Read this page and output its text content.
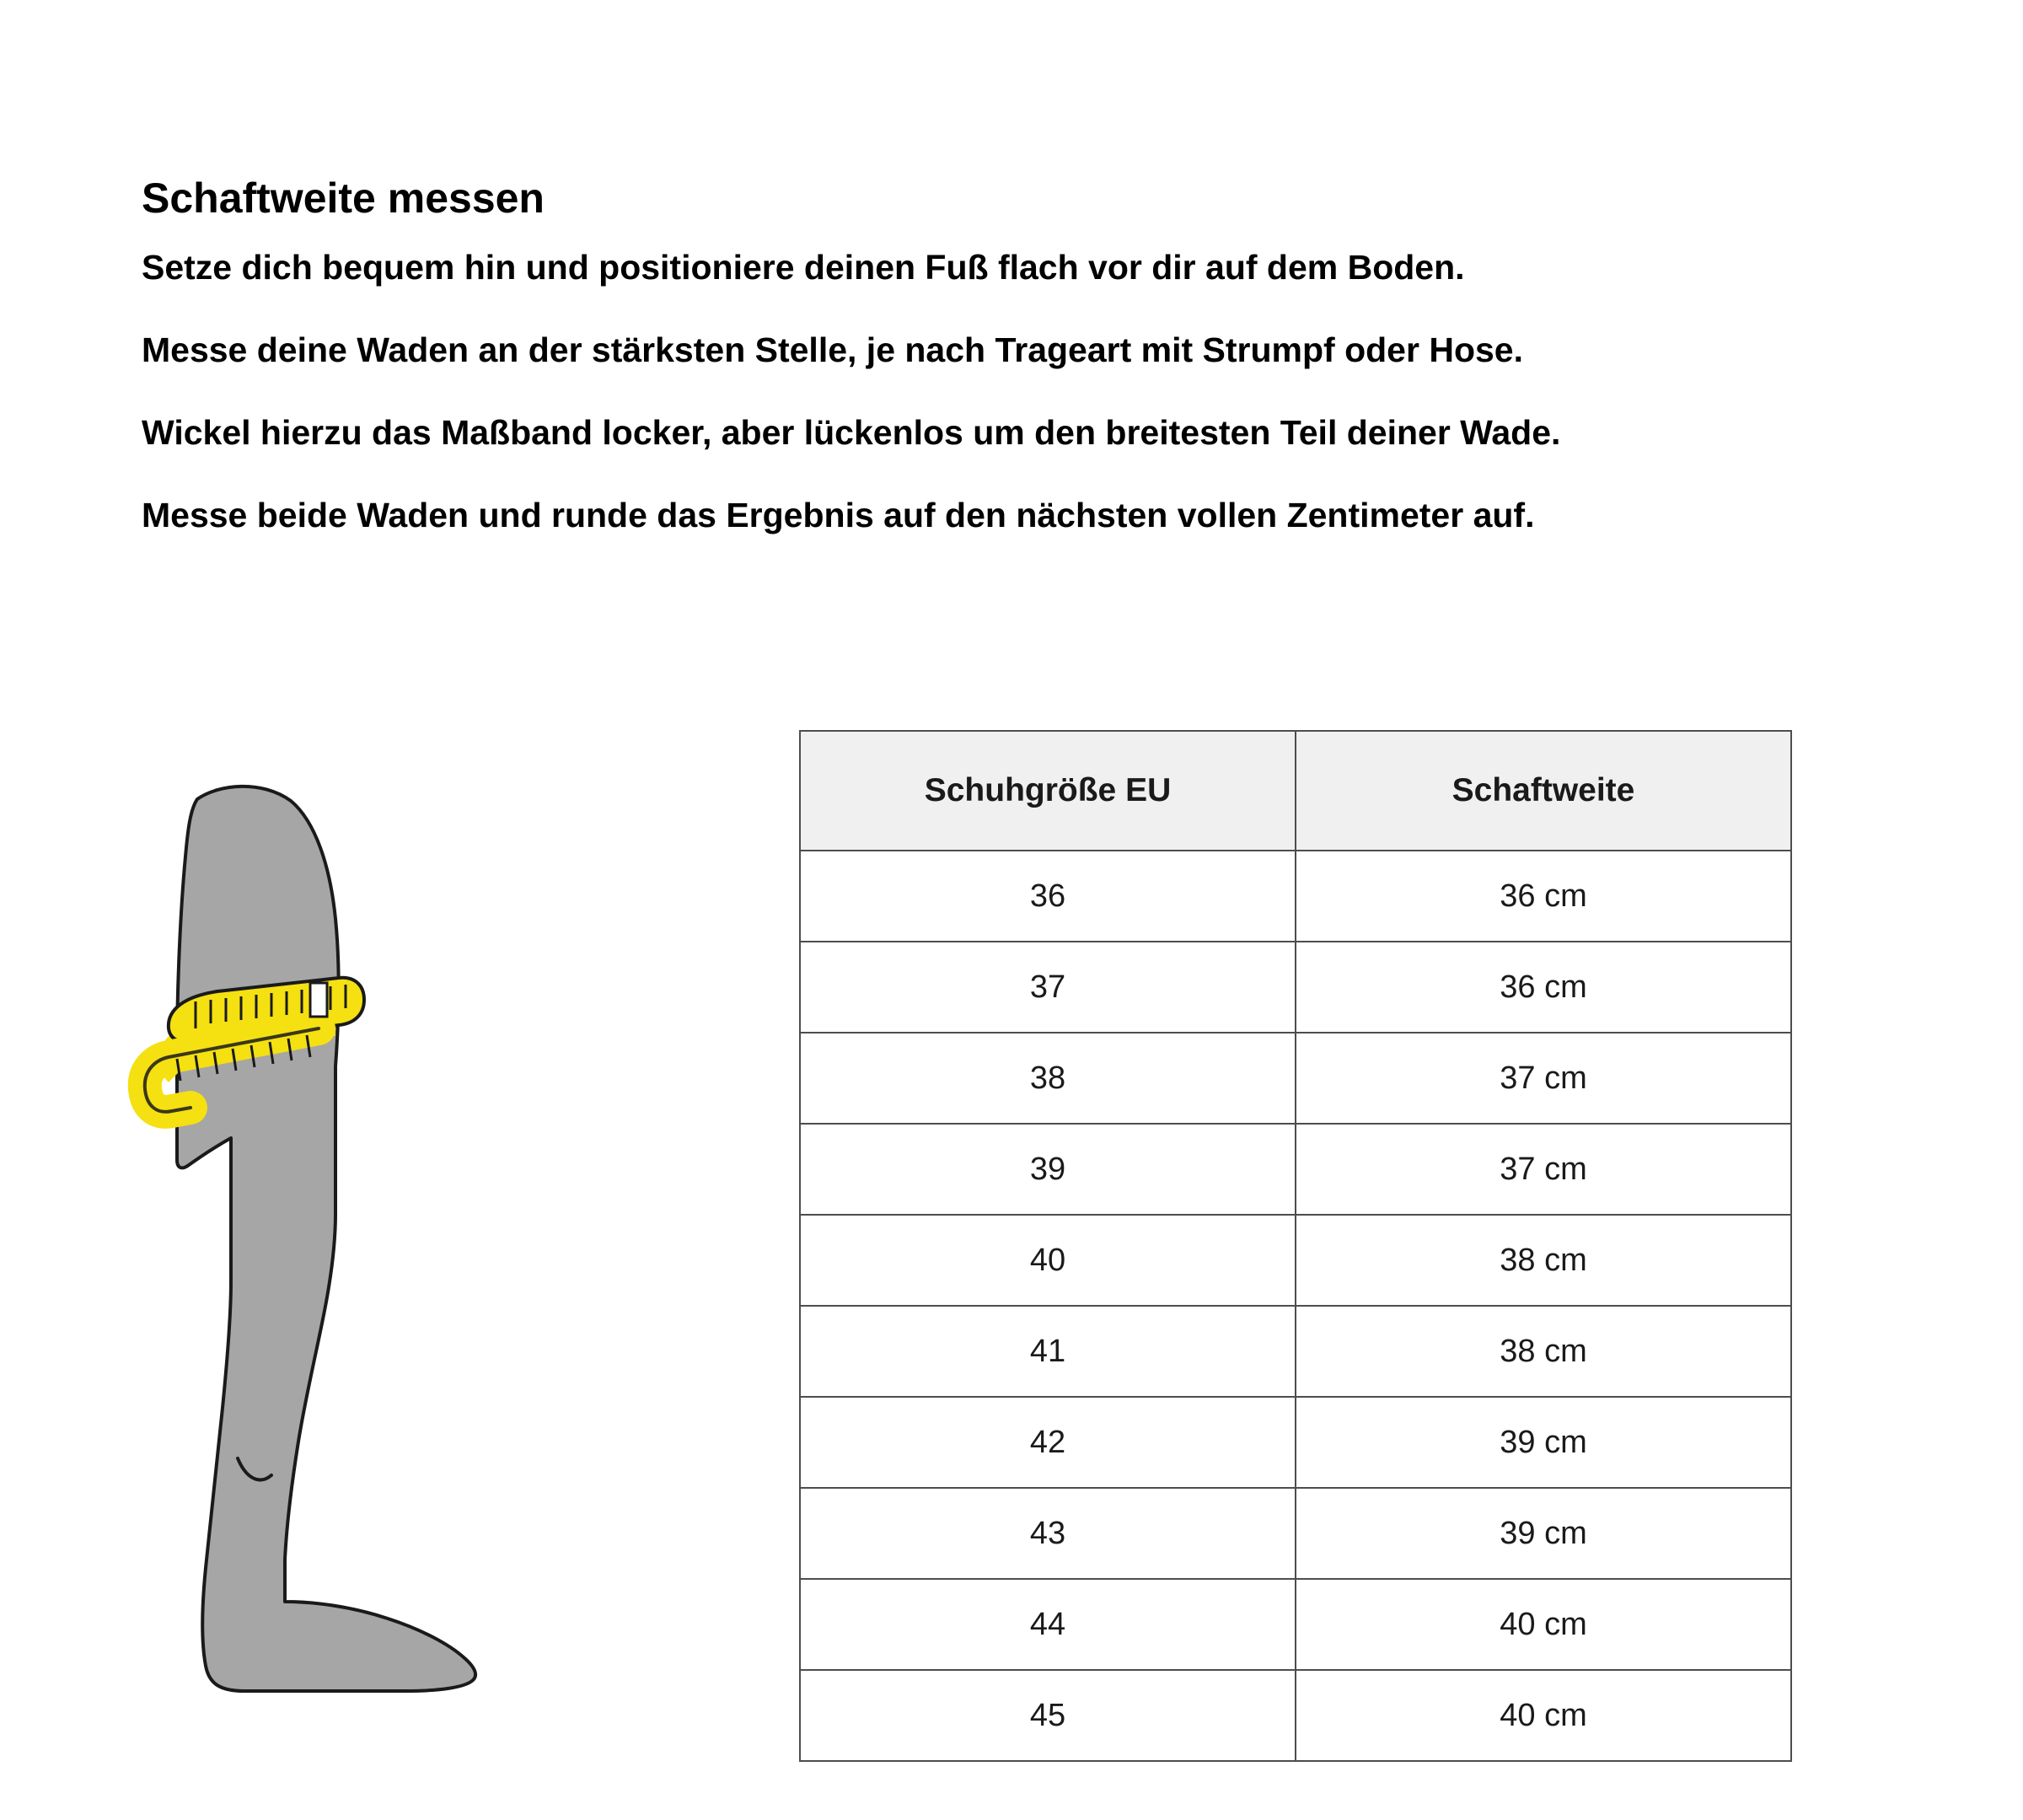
Schaftweite messen

Setze dich bequem hin und positioniere deinen Fuß flach vor dir auf dem Boden.

Messe deine Waden an der stärksten Stelle, je nach Trageart mit Strumpf oder Hose.

Wickel hierzu das Maßband locker, aber lückenlos um den breitesten Teil deiner Wade.

Messe beide Waden und runde das Ergebnis auf den nächsten vollen Zentimeter auf.

Schuhgröße EU	Schaftweite
36	36 cm
37	36 cm
38	37 cm
39	37 cm
40	38 cm
41	38 cm
42	39 cm
43	39 cm
44	40 cm
45	40 cm
